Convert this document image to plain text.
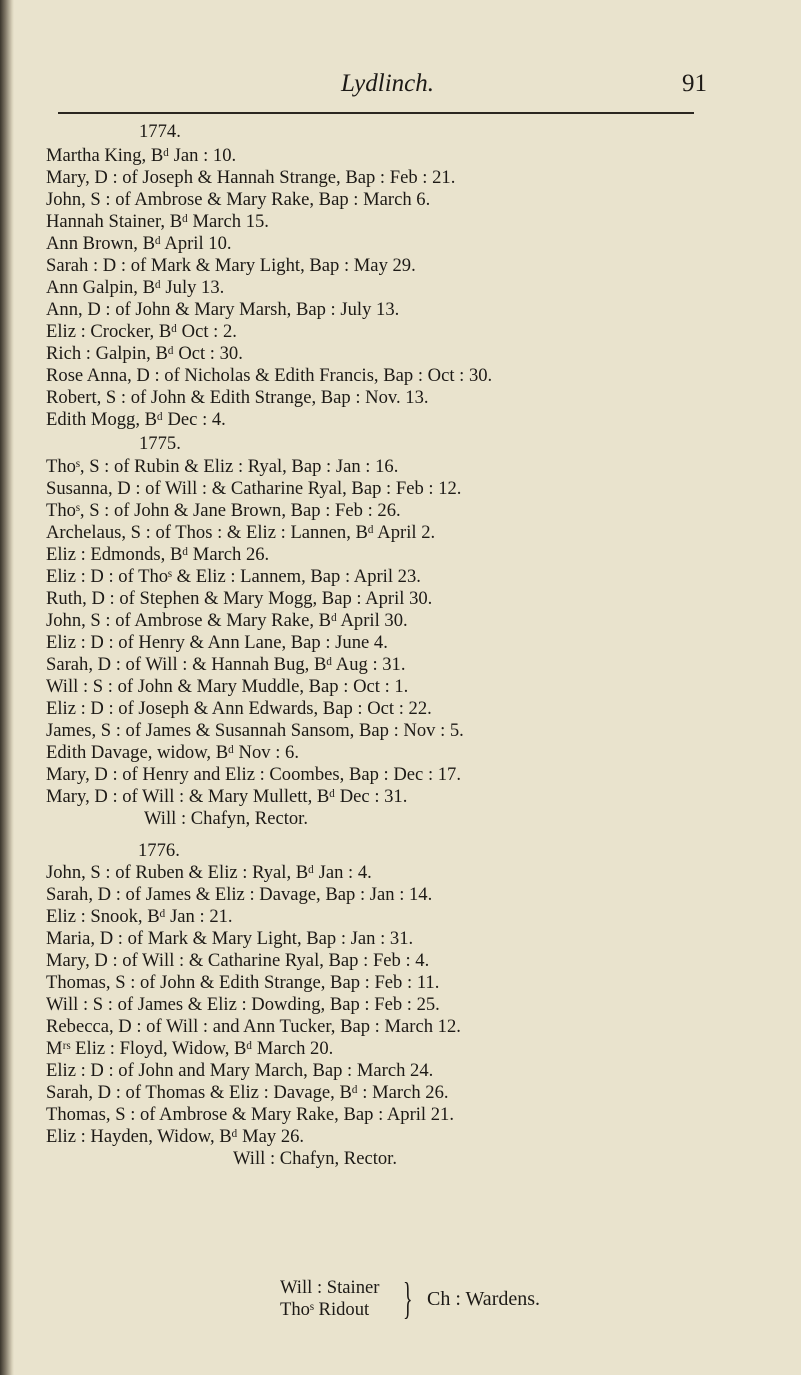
Lydlinch.	91
1774.
Martha King, Bᵈ Jan : 10.
Mary, D : of Joseph & Hannah Strange, Bap : Feb : 21.
John, S : of Ambrose & Mary Rake, Bap : March 6.
Hannah Stainer, Bᵈ March 15.
Ann Brown, Bᵈ April 10.
Sarah : D : of Mark & Mary Light, Bap : May 29.
Ann Galpin, Bᵈ July 13.
Ann, D : of John & Mary Marsh, Bap : July 13.
Eliz : Crocker, Bᵈ Oct : 2.
Rich : Galpin, Bᵈ Oct : 30.
Rose Anna, D : of Nicholas & Edith Francis, Bap : Oct : 30.
Robert, S : of John & Edith Strange, Bap : Nov. 13.
Edith Mogg, Bᵈ Dec : 4.
1775.
Thoˢ, S : of Rubin & Eliz : Ryal, Bap : Jan : 16.
Susanna, D : of Will : & Catharine Ryal, Bap : Feb : 12.
Thoˢ, S : of John & Jane Brown, Bap : Feb : 26.
Archelaus, S : of Thos : & Eliz : Lannen, Bᵈ April 2.
Eliz : Edmonds, Bᵈ March 26.
Eliz : D : of Thoˢ & Eliz : Lannem, Bap : April 23.
Ruth, D : of Stephen & Mary Mogg, Bap : April 30.
John, S : of Ambrose & Mary Rake, Bᵈ April 30.
Eliz : D : of Henry & Ann Lane, Bap : June 4.
Sarah, D : of Will : & Hannah Bug, Bᵈ Aug : 31.
Will : S : of John & Mary Muddle, Bap : Oct : 1.
Eliz : D : of Joseph & Ann Edwards, Bap : Oct : 22.
James, S : of James & Susannah Sansom, Bap : Nov : 5.
Edith Davage, widow, Bᵈ Nov : 6.
Mary, D : of Henry and Eliz : Coombes, Bap : Dec : 17.
Mary, D : of Will : & Mary Mullett, Bᵈ Dec : 31.
Will : Chafyn, Rector.
1776.
John, S : of Ruben & Eliz : Ryal, Bᵈ Jan : 4.
Sarah, D : of James & Eliz : Davage, Bap : Jan : 14.
Eliz : Snook, Bᵈ Jan : 21.
Maria, D : of Mark & Mary Light, Bap : Jan : 31.
Mary, D : of Will : & Catharine Ryal, Bap : Feb : 4.
Thomas, S : of John & Edith Strange, Bap : Feb : 11.
Will : S : of James & Eliz : Dowding, Bap : Feb : 25.
Rebecca, D : of Will : and Ann Tucker, Bap : March 12.
Mʳˢ Eliz : Floyd, Widow, Bᵈ March 20.
Eliz : D : of John and Mary March, Bap : March 24.
Sarah, D : of Thomas & Eliz : Davage, Bᵈ : March 26.
Thomas, S : of Ambrose & Mary Rake, Bap : April 21.
Eliz : Hayden, Widow, Bᵈ May 26.
Will : Chafyn, Rector.
Will : Stainer
Thoˢ Ridout } Ch : Wardens.
